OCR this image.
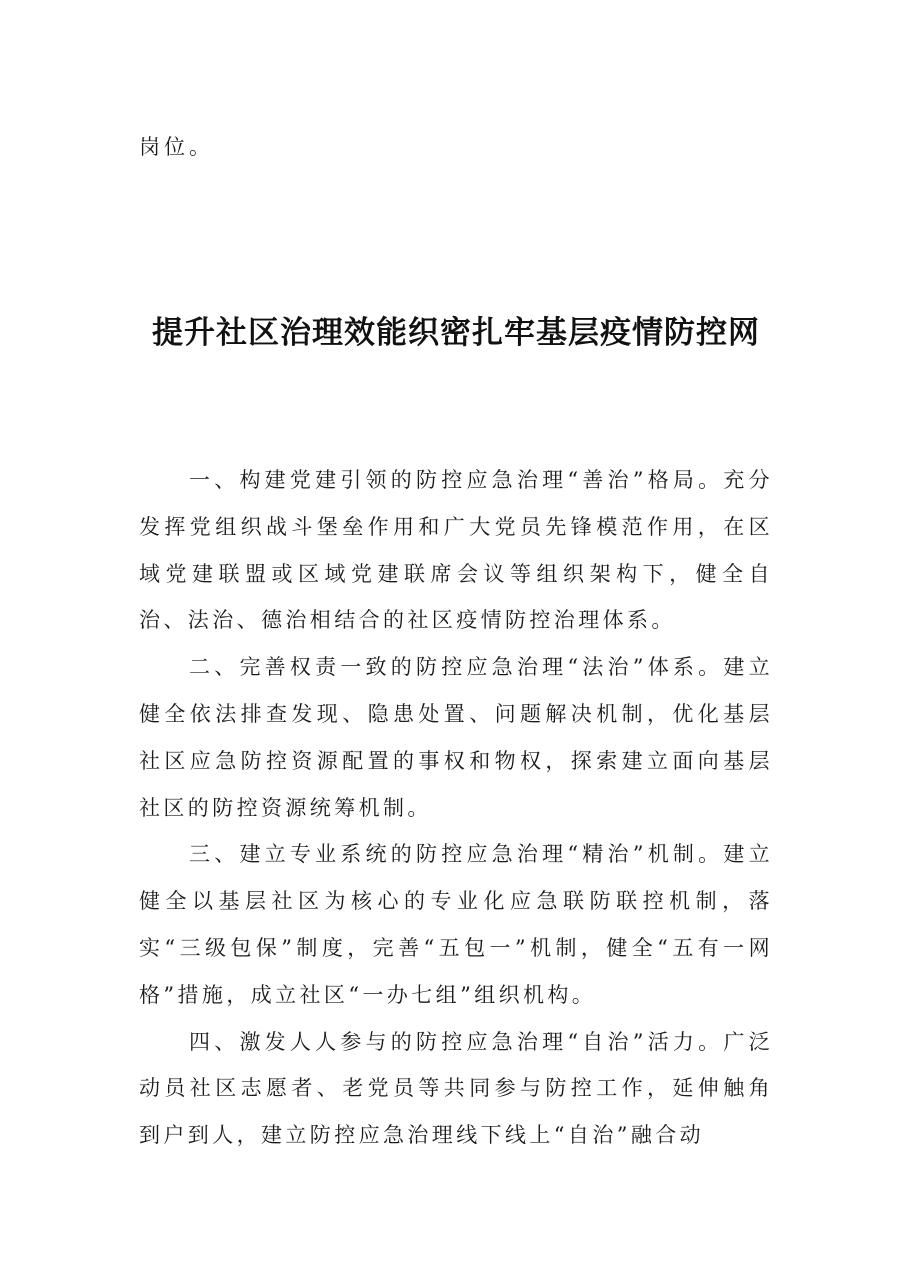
岗位。

提升社区治理效能织密扎牢基层疫情防控网

一、构建党建引领的防控应急治理“善治”格局。充分发挥党组织战斗堡垒作用和广大党员先锋模范作用，在区域党建联盟或区域党建联席会议等组织架构下，健全自治、法治、德治相结合的社区疫情防控治理体系。

二、完善权责一致的防控应急治理“法治”体系。建立健全依法排查发现、隐患处置、问题解决机制，优化基层社区应急防控资源配置的事权和物权，探索建立面向基层社区的防控资源统筹机制。

三、建立专业系统的防控应急治理“精治”机制。建立健全以基层社区为核心的专业化应急联防联控机制，落实“三级包保”制度，完善“五包一”机制，健全“五有一网格”措施，成立社区“一办七组”组织机构。

四、激发人人参与的防控应急治理“自治”活力。广泛动员社区志愿者、老党员等共同参与防控工作，延伸触角到户到人，建立防控应急治理线下线上“自治”融合动
